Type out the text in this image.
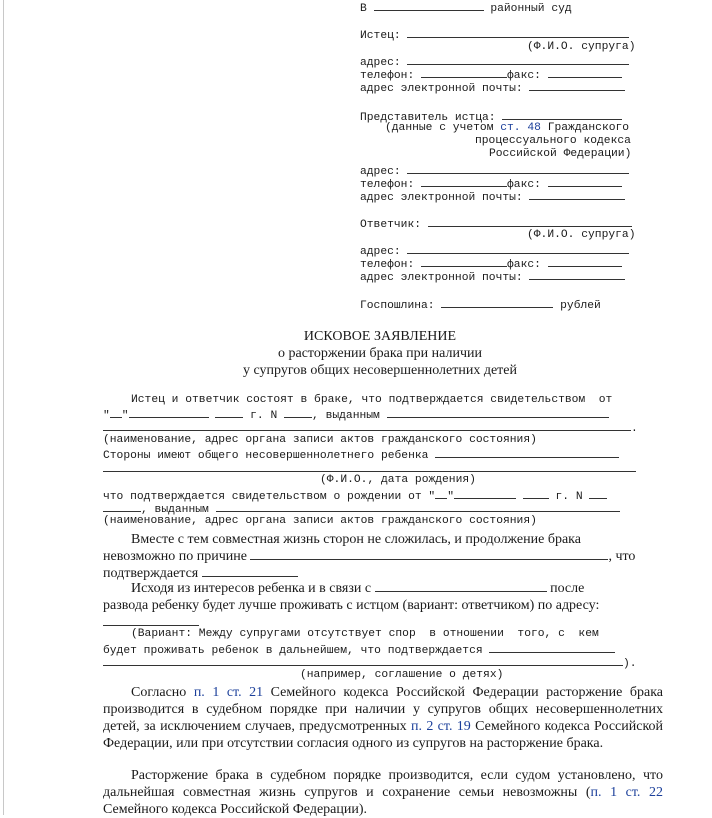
В	районный суд
Истец:
(Ф.И.О. супруга)
адрес:
телефон:	факс:
адрес электронной почты:
Представитель истца:
(данные с учетом ст. 48 Гражданского
процессуального кодекса
Российской Федерации)
адрес:
телефон:	факс:
адрес электронной почты:
Ответчик:
(Ф.И.О. супруга)
адрес:
телефон:	факс:
адрес электронной почты:
Госпошлина:	рублей
ИСКОВОЕ ЗАЯВЛЕНИЕ
о расторжении брака при наличии
у супругов общих несовершеннолетних детей
Истец и ответчик состоят в браке, что подтверждается свидетельством  от
" "	г. N	, выданным
.
(наименование, адрес органа записи актов гражданского состояния)
Стороны имеют общего несовершеннолетнего ребенка
(Ф.И.О., дата рождения)
что подтверждается свидетельством о рождении от " "	г. N
, выданным
(наименование, адрес органа записи актов гражданского состояния)
Вместе с тем совместная жизнь сторон не сложилась, и продолжение брака
невозможно по причине	, что
подтверждается
Исходя из интересов ребенка и в связи с	после
развода ребенку будет лучше проживать с истцом (вариант: ответчиком) по адресу:
(Вариант: Между супругами отсутствует спор  в отношении  того, с  кем
будет проживать ребенок в дальнейшем, что подтверждается
).
(например, соглашение о детях)

Согласно п. 1 ст. 21 Семейного кодекса Российской Федерации расторжение брака производится в судебном порядке при наличии у супругов общих несовершеннолетних детей, за исключением случаев, предусмотренных п. 2 ст. 19 Семейного кодекса Российской Федерации, или при отсутствии согласия одного из супругов на расторжение брака.

Расторжение брака в судебном порядке производится, если судом установлено, что дальнейшая совместная жизнь супругов и сохранение семьи невозможны (п. 1 ст. 22 Семейного кодекса Российской Федерации).
